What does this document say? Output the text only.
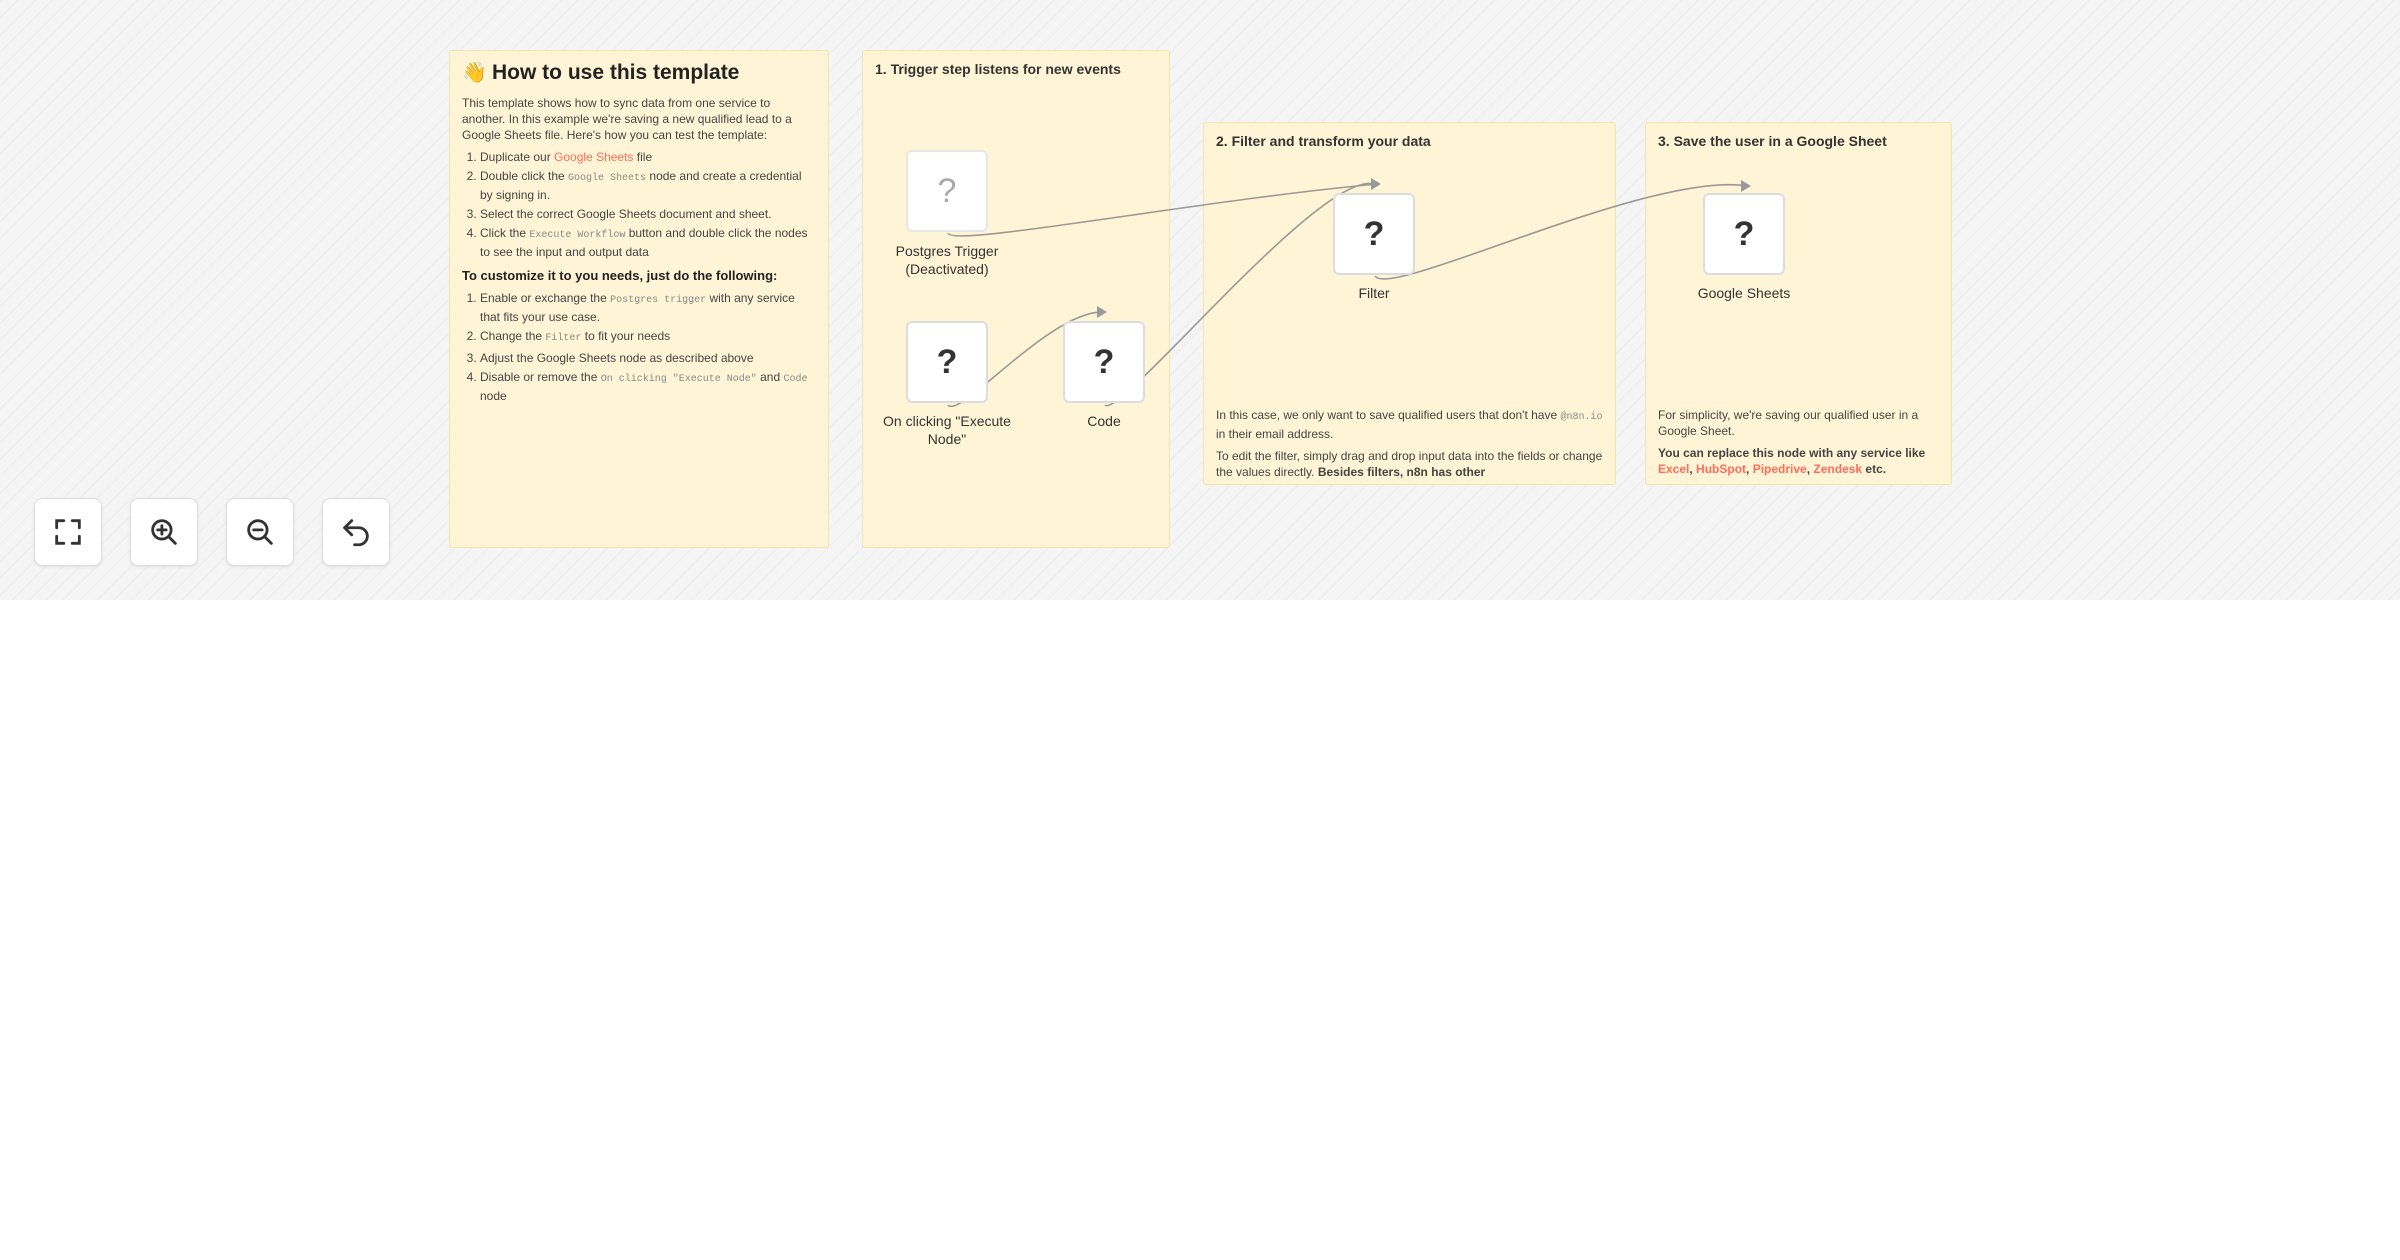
👋 How to use this template

This template shows how to sync data from one service to another. In this example we're saving a new qualified lead to a Google Sheets file. Here's how you can test the template:

1. Duplicate our Google Sheets file
2. Double click the Google Sheets node and create a credential by signing in.
3. Select the correct Google Sheets document and sheet.
4. Click the Execute Workflow button and double click the nodes to see the input and output data
To customize it to you needs, just do the following:
1. Enable or exchange the Postgres trigger with any service that fits your use case.
2. Change the Filter to fit your needs
3. Adjust the Google Sheets node as described above
4. Disable or remove the On clicking "Execute Node" and Code node
1. Trigger step listens for new events
2. Filter and transform your data

In this case, we only want to save qualified users that don't have @n8n.io in their email address.

To edit the filter, simply drag and drop input data into the fields or change the values directly. Besides filters, n8n has other

3. Save the user in a Google Sheet

For simplicity, we're saving our qualified user in a Google Sheet.

You can replace this node with any service like Excel, HubSpot, Pipedrive, Zendesk etc.

?
Postgres Trigger (Deactivated)
?
On clicking "Execute Node"
?
Code
?
Filter
?
Google Sheets
